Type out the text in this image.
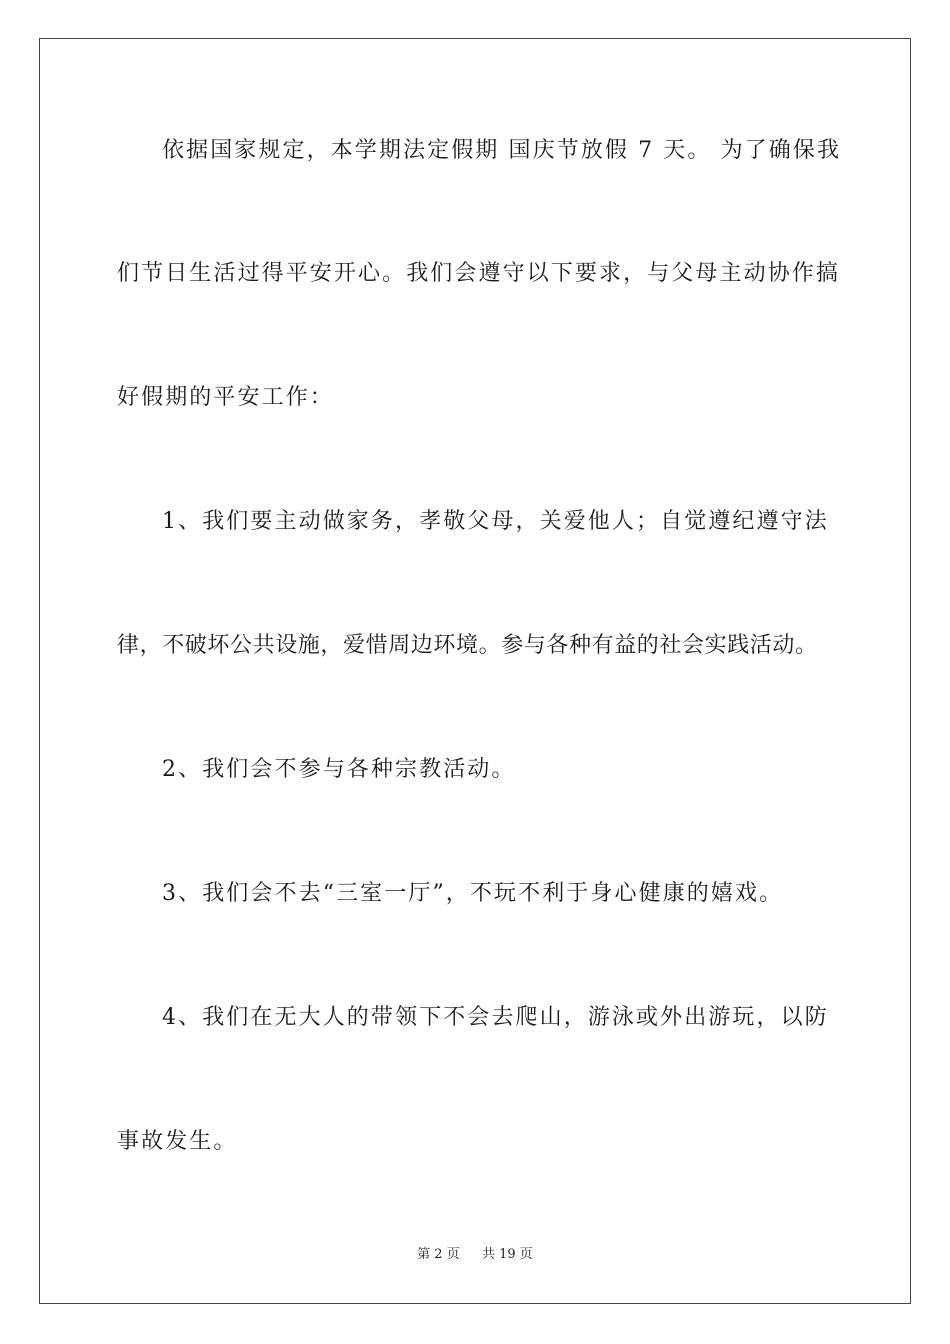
依据国家规定，本学期法定假期 国庆节放假 7 天。 为了确保我
们节日生活过得平安开心。我们会遵守以下要求，与父母主动协作搞
好假期的平安工作：
1、我们要主动做家务，孝敬父母，关爱他人；自觉遵纪遵守法
律，不破坏公共设施，爱惜周边环境。参与各种有益的社会实践活动。
2、我们会不参与各种宗教活动。
3、我们会不去“三室一厅”，不玩不利于身心健康的嬉戏。
4、我们在无大人的带领下不会去爬山，游泳或外出游玩，以防
事故发生。
第 2 页 共 19 页
